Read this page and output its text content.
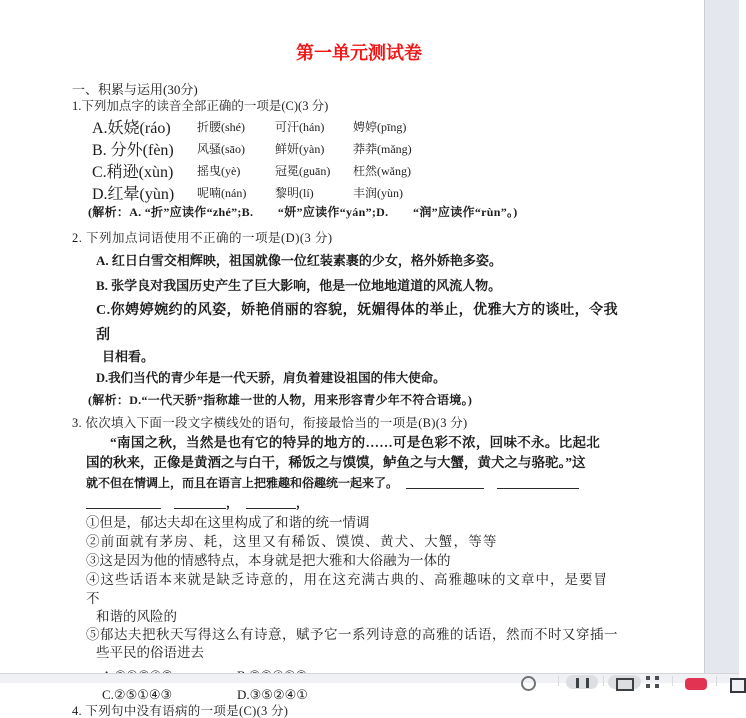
第一单元测试卷
一、积累与运用(30分)
1.下列加点字的读音全部正确的一项是(C)(3 分)
A.妖娆(ráo)	折腰(shé)	可汗(hán)	娉婷(pīng)
B. 分外(fèn)	风骚(sāo)	鲜妍(yàn)	莽莽(mǎng)
C.稍逊(xùn)	摇曳(yè)	冠冕(guān)	枉然(wǎng)
D.红晕(yùn)	呢喃(nán)	黎明(lí)	丰润(yùn)
(解析：A. “折”应读作“zhé”;B.　　“妍”应读作“yán”;D.　　“润”应读作“rùn”。)
2. 下列加点词语使用不正确的一项是(D)(3 分)
A. 红日白雪交相辉映，祖国就像一位红装素裹的少女，格外娇艳多姿。
B. 张学良对我国历史产生了巨大影响，他是一位地地道道的风流人物。
C.你娉婷婉约的风姿，娇艳俏丽的容貌，妩媚得体的举止，优雅大方的谈吐，令我刮
目相看。
D.我们当代的青少年是一代天骄，肩负着建设祖国的伟大使命。
(解析：D.“一代天骄”指称雄一世的人物，用来形容青少年不符合语境。)
3. 依次填入下面一段文字横线处的语句，衔接最恰当的一项是(B)(3 分)
“南国之秋，当然是也有它的特异的地方的……可是色彩不浓，回味不永。比起北
国的秋来，正像是黄酒之与白干，稀饭之与馍馍，鲈鱼之与大蟹，黄犬之与骆驼。”这
就不但在情调上，而且在语言上把雅趣和俗趣统一起来了。
，	，
①但是，郁达夫却在这里构成了和谐的统一情调
②前面就有茅房、耗，这里又有稀饭、馍馍、黄犬、大蟹，等等
③这是因为他的情感特点，本身就是把大雅和大俗融为一体的
④这些话语本来就是缺乏诗意的，用在这充满古典的、高雅趣味的文章中，是要冒不
和谐的风险的
⑤郁达夫把秋天写得这么有诗意，赋予它一系列诗意的高雅的话语，然而不时又穿插一
些平民的俗语进去
C.②⑤①④③	D.③⑤②④①
4. 下列句中没有语病的一项是(C)(3 分)
